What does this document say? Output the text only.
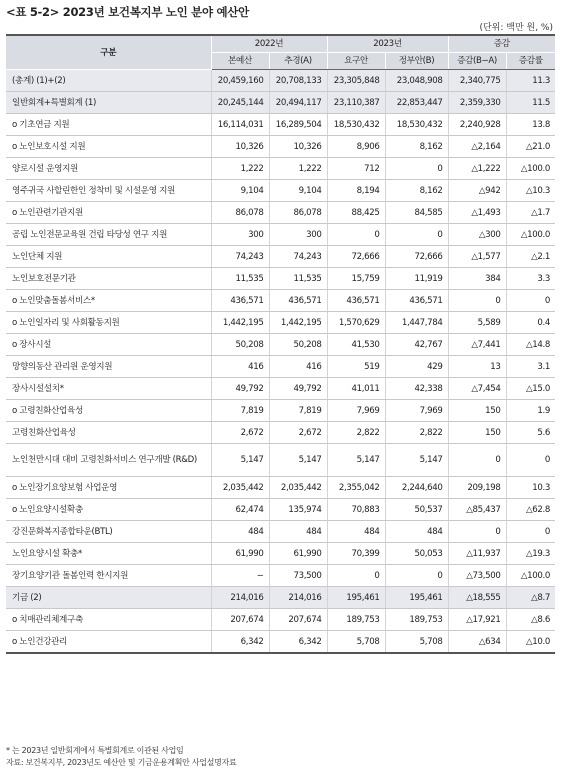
<표 5-2> 2023년 보건복지부 노인 분야 예산안
(단위: 백만 원, %)
구분	2022년		2023년		증감	
	본예산	추경(A)	요구안	정부안(B)	증감(B−A)	증감률
(총계) (1)+(2)	20,459,160	20,708,133	23,305,848	23,048,908	2,340,775	11.3
일반회계+특별회계 (1)	20,245,144	20,494,117	23,110,387	22,853,447	2,359,330	11.5
o 기초연금 지원	16,114,031	16,289,504	18,530,432	18,530,432	2,240,928	13.8
o 노인보호시설 지원	10,326	10,326	8,906	8,162	△2,164	△21.0
양로시설 운영지원	1,222	1,222	712	0	△1,222	△100.0
영주귀국 사할린한인 정착비 및 시설운영 지원	9,104	9,104	8,194	8,162	△942	△10.3
o 노인관련기관지원	86,078	86,078	88,425	84,585	△1,493	△1.7
공립 노인전문교육원 건립 타당성 연구 지원	300	300	0	0	△300	△100.0
노인단체 지원	74,243	74,243	72,666	72,666	△1,577	△2.1
노인보호전문기관	11,535	11,535	15,759	11,919	384	3.3
o 노인맞춤돌봄서비스*	436,571	436,571	436,571	436,571	0	0
o 노인일자리 및 사회활동지원	1,442,195	1,442,195	1,570,629	1,447,784	5,589	0.4
o 장사시설	50,208	50,208	41,530	42,767	△7,441	△14.8
망향의동산 관리원 운영지원	416	416	519	429	13	3.1
장사시설설치*	49,792	49,792	41,011	42,338	△7,454	△15.0
o 고령친화산업육성	7,819	7,819	7,969	7,969	150	1.9
고령친화산업육성	2,672	2,672	2,822	2,822	150	5.6
노인천만시대 대비 고령친화서비스 연구개발 (R&D)	5,147	5,147	5,147	5,147	0	0
o 노인장기요양보험 사업운영	2,035,442	2,035,442	2,355,042	2,244,640	209,198	10.3
o 노인요양시설확충	62,474	135,974	70,883	50,537	△85,437	△62.8
강진문화복지종합타운(BTL)	484	484	484	484	0	0
노인요양시설 확충*	61,990	61,990	70,399	50,053	△11,937	△19.3
장기요양기관 돌봄인력 한시지원	−	73,500	0	0	△73,500	△100.0
기금 (2)	214,016	214,016	195,461	195,461	△18,555	△8.7
o 치매관리체계구축	207,674	207,674	189,753	189,753	△17,921	△8.6
o 노인건강관리	6,342	6,342	5,708	5,708	△634	△10.0
* 는 2023년 일반회계에서 특별회계로 이관된 사업임
자료: 보건복지부, 2023년도 예산안 및 기금운용계획안 사업설명자료
